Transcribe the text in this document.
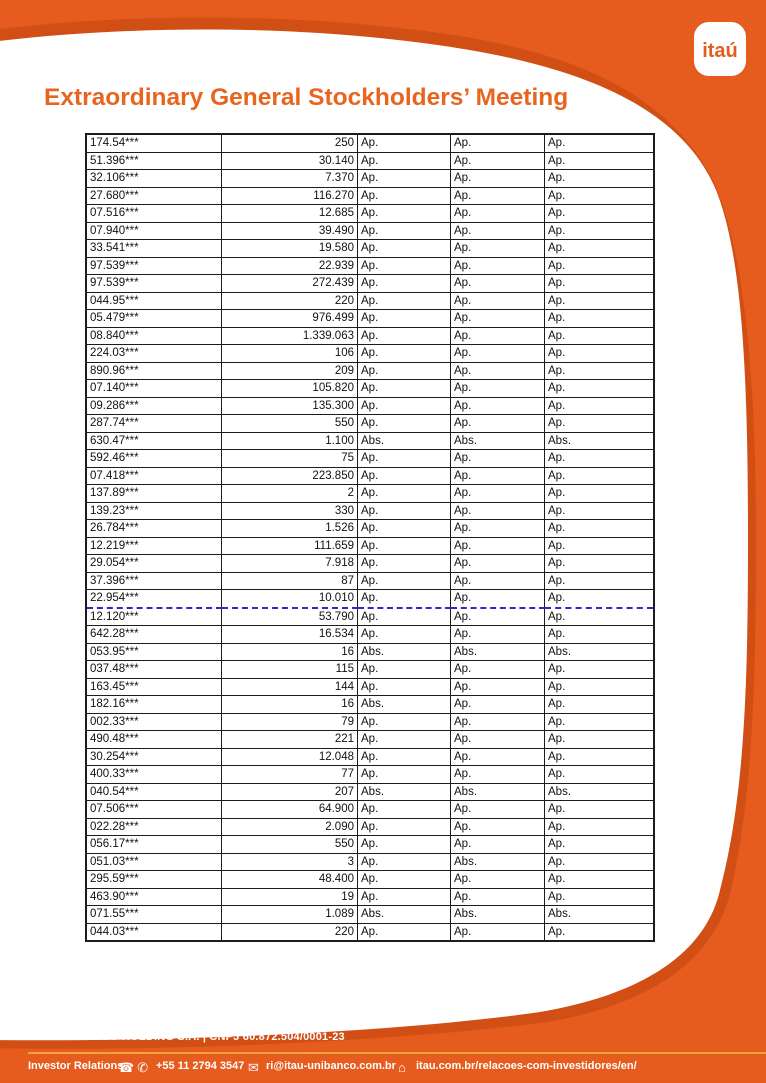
itaú
Extraordinary General Stockholders’ Meeting
174.54***	250	Ap.	Ap.	Ap.
51.396***	30.140	Ap.	Ap.	Ap.
32.106***	7.370	Ap.	Ap.	Ap.
27.680***	116.270	Ap.	Ap.	Ap.
07.516***	12.685	Ap.	Ap.	Ap.
07.940***	39.490	Ap.	Ap.	Ap.
33.541***	19.580	Ap.	Ap.	Ap.
97.539***	22.939	Ap.	Ap.	Ap.
97.539***	272.439	Ap.	Ap.	Ap.
044.95***	220	Ap.	Ap.	Ap.
05.479***	976.499	Ap.	Ap.	Ap.
08.840***	1.339.063	Ap.	Ap.	Ap.
224.03***	106	Ap.	Ap.	Ap.
890.96***	209	Ap.	Ap.	Ap.
07.140***	105.820	Ap.	Ap.	Ap.
09.286***	135.300	Ap.	Ap.	Ap.
287.74***	550	Ap.	Ap.	Ap.
630.47***	1.100	Abs.	Abs.	Abs.
592.46***	75	Ap.	Ap.	Ap.
07.418***	223.850	Ap.	Ap.	Ap.
137.89***	2	Ap.	Ap.	Ap.
139.23***	330	Ap.	Ap.	Ap.
26.784***	1.526	Ap.	Ap.	Ap.
12.219***	111.659	Ap.	Ap.	Ap.
29.054***	7.918	Ap.	Ap.	Ap.
37.396***	87	Ap.	Ap.	Ap.
22.954***	10.010	Ap.	Ap.	Ap.
12.120***	53.790	Ap.	Ap.	Ap.
642.28***	16.534	Ap.	Ap.	Ap.
053.95***	16	Abs.	Abs.	Abs.
037.48***	115	Ap.	Ap.	Ap.
163.45***	144	Ap.	Ap.	Ap.
182.16***	16	Abs.	Ap.	Ap.
002.33***	79	Ap.	Ap.	Ap.
490.48***	221	Ap.	Ap.	Ap.
30.254***	12.048	Ap.	Ap.	Ap.
400.33***	77	Ap.	Ap.	Ap.
040.54***	207	Abs.	Abs.	Abs.
07.506***	64.900	Ap.	Ap.	Ap.
022.28***	2.090	Ap.	Ap.	Ap.
056.17***	550	Ap.	Ap.	Ap.
051.03***	3	Ap.	Abs.	Ap.
295.59***	48.400	Ap.	Ap.	Ap.
463.90***	19	Ap.	Ap.	Ap.
071.55***	1.089	Abs.	Abs.	Abs.
044.03***	220	Ap.	Ap.	Ap.
ITAÚ UNIBANCO HOLDING S.A. | CNPJ 60.872.504/0001-23
Investor Relations
☎ ✆ +55 11 2794 3547 ✉ ri@itau-unibanco.com.br ⌂ itau.com.br/relacoes-com-investidores/en/
